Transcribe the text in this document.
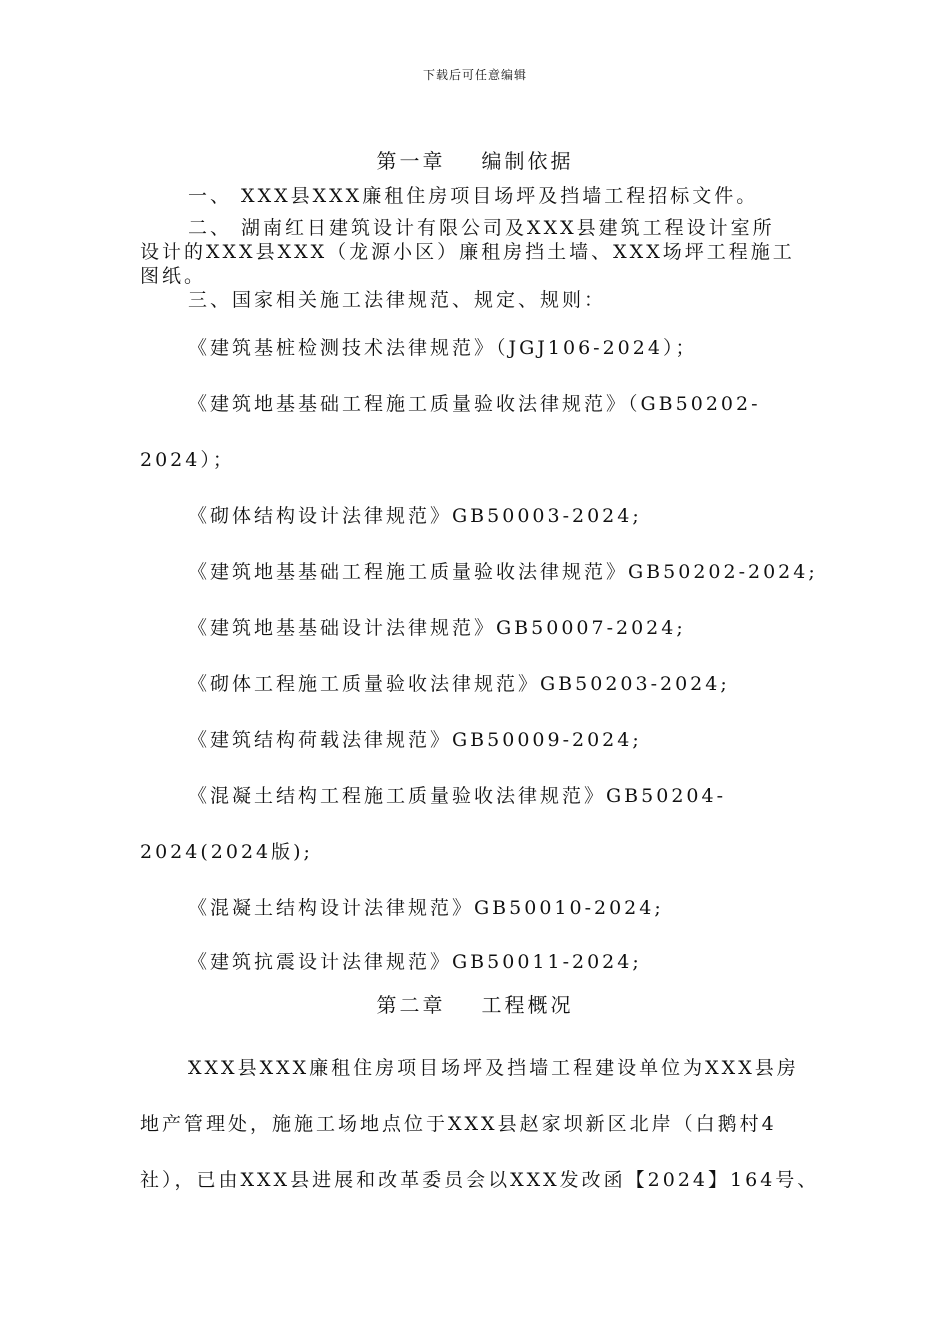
下载后可任意编辑
第一章 编制依据
一、 XXX县XXX廉租住房项目场坪及挡墙工程招标文件。
二、 湖南红日建筑设计有限公司及XXX县建筑工程设计室所
设计的XXX县XXX（龙源小区）廉租房挡土墙、XXX场坪工程施工
图纸。
三、国家相关施工法律规范、规定、规则：
《建筑基桩检测技术法律规范》（JGJ106-2024）；
《建筑地基基础工程施工质量验收法律规范》（GB50202-
2024）；
《砌体结构设计法律规范》GB50003-2024;
《建筑地基基础工程施工质量验收法律规范》GB50202-2024;
《建筑地基基础设计法律规范》GB50007-2024;
《砌体工程施工质量验收法律规范》GB50203-2024;
《建筑结构荷载法律规范》GB50009-2024;
《混凝土结构工程施工质量验收法律规范》GB50204-
2024(2024版);
《混凝土结构设计法律规范》GB50010-2024;
《建筑抗震设计法律规范》GB50011-2024;
第二章 工程概况
XXX县XXX廉租住房项目场坪及挡墙工程建设单位为XXX县房
地产管理处，施施工场地点位于XXX县赵家坝新区北岸（白鹅村4
社），已由XXX县进展和改革委员会以XXX发改函【2024】164号、
